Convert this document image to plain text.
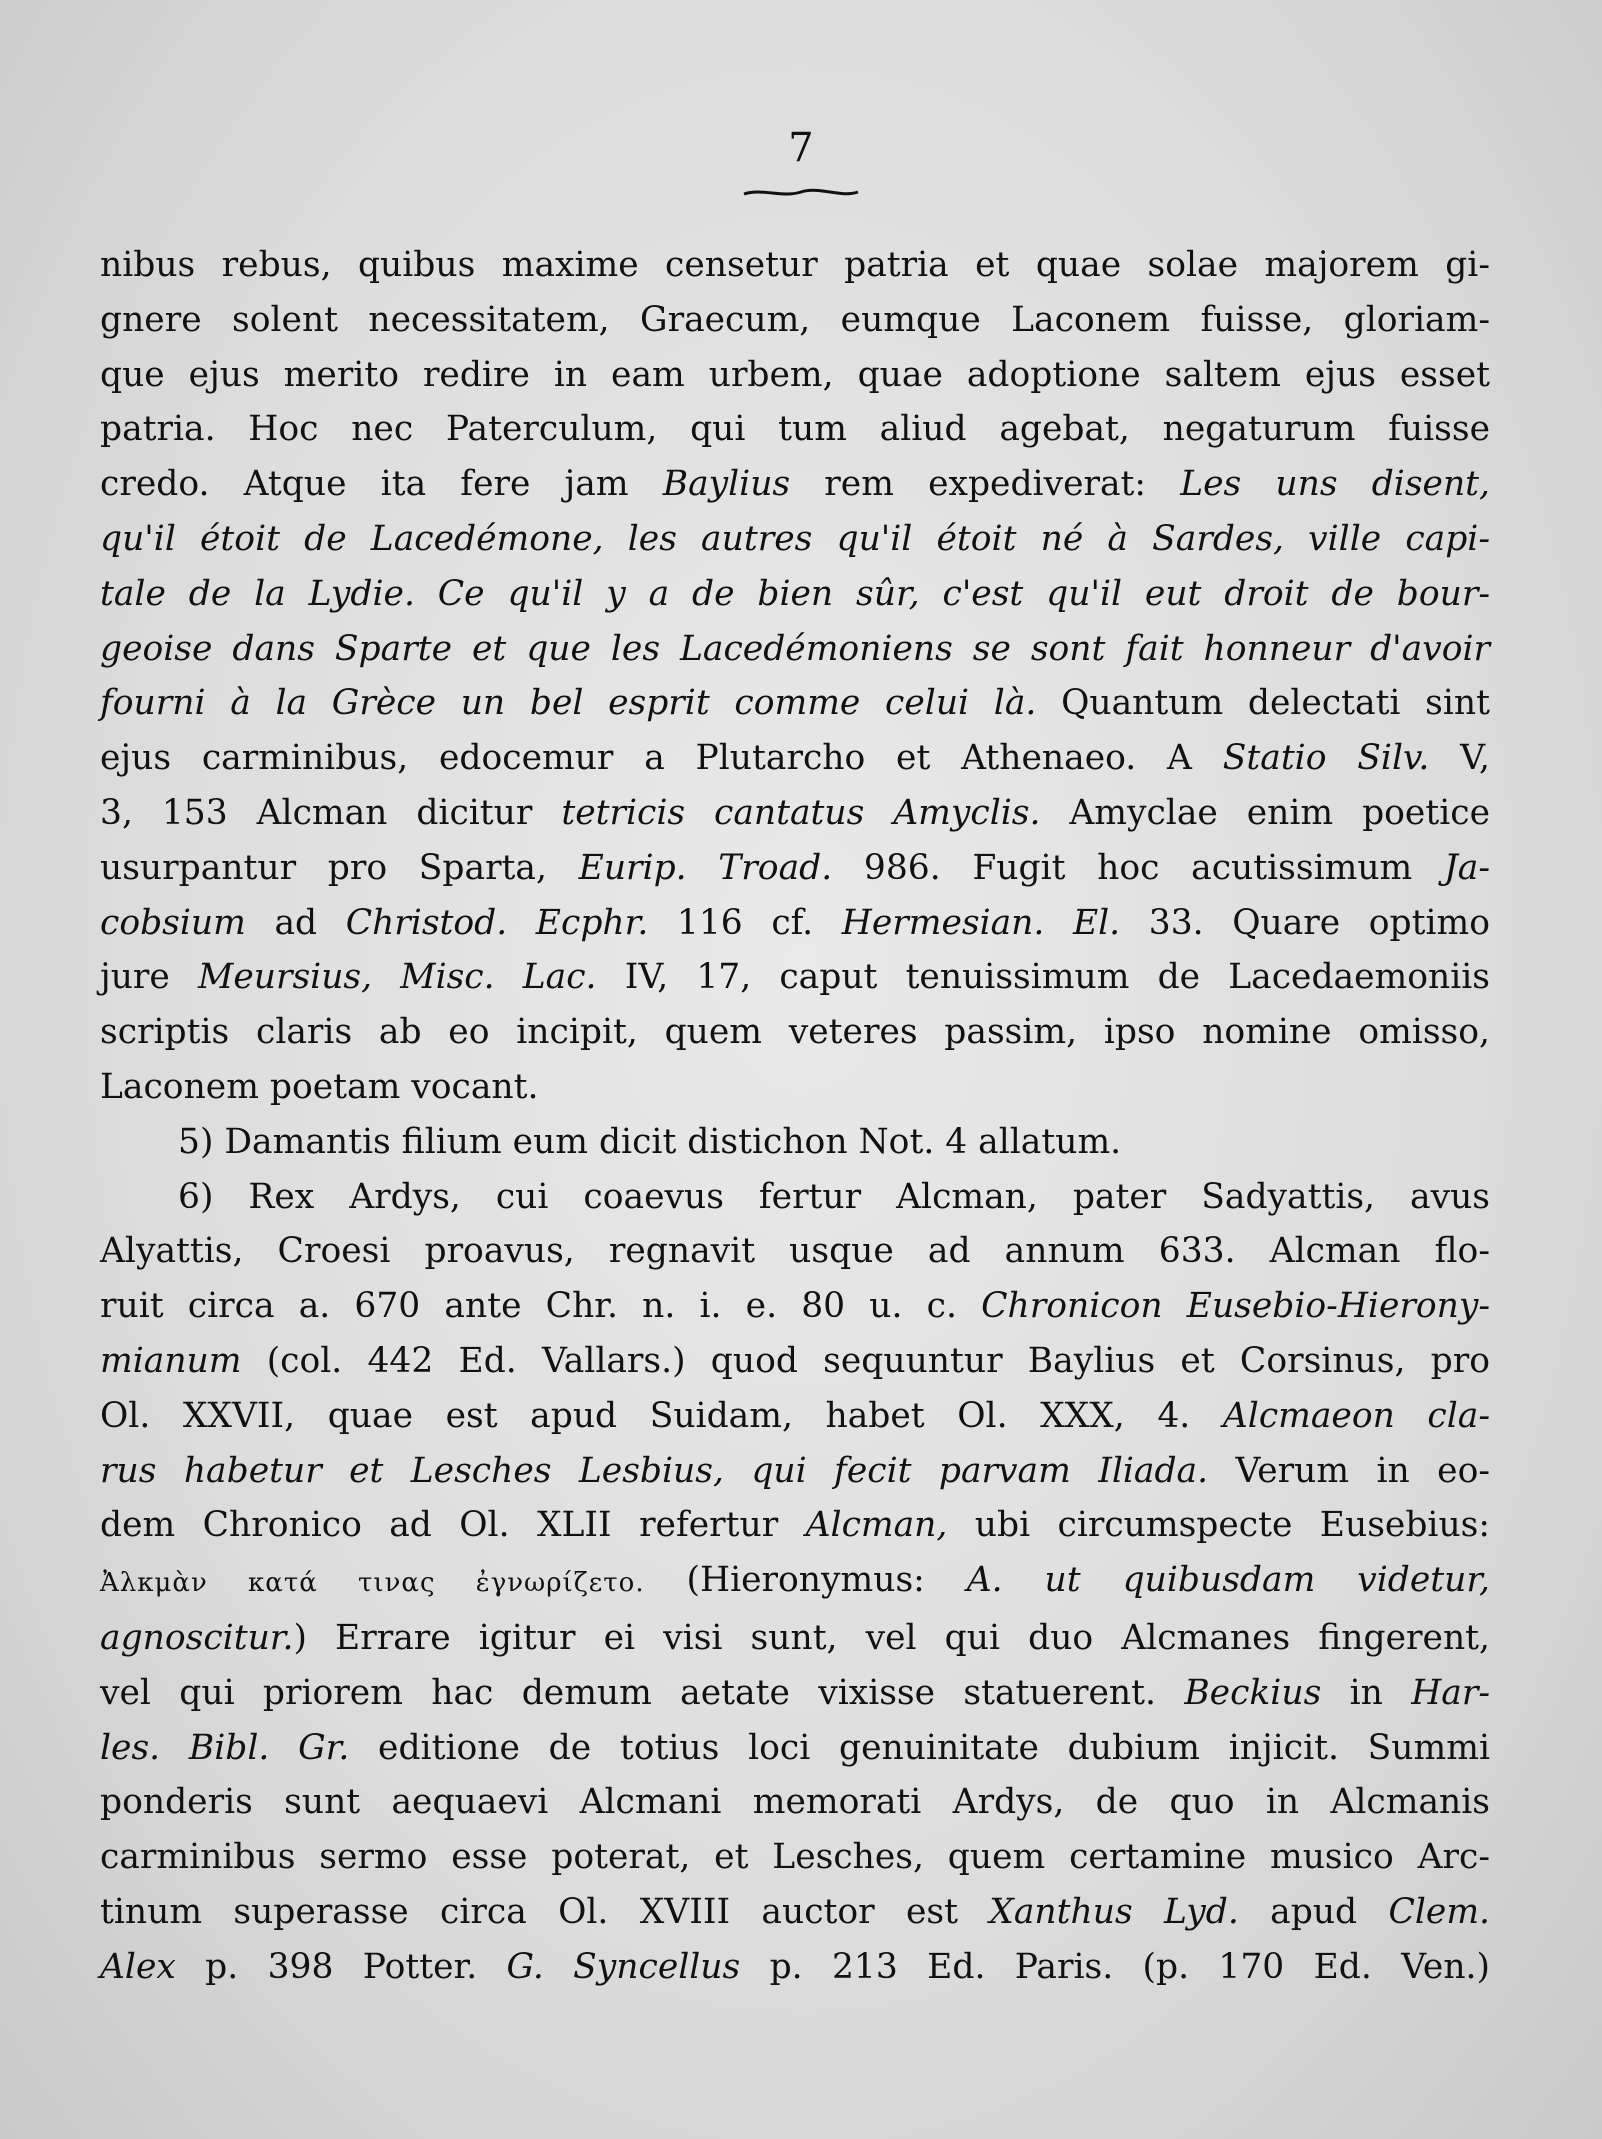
7
nibus rebus, quibus maxime censetur patria et quae solae majorem gi-
gnere solent necessitatem, Graecum, eumque Laconem fuisse, gloriam-
que ejus merito redire in eam urbem, quae adoptione saltem ejus esset
patria. Hoc nec Paterculum, qui tum aliud agebat, negaturum fuisse
credo. Atque ita fere jam Baylius rem expediverat: Les uns disent,
qu'il étoit de Lacedémone, les autres qu'il étoit né à Sardes, ville capi-
tale de la Lydie. Ce qu'il y a de bien sûr, c'est qu'il eut droit de bour-
geoise dans Sparte et que les Lacedémoniens se sont fait honneur d'avoir
fourni à la Grèce un bel esprit comme celui là. Quantum delectati sint
ejus carminibus, edocemur a Plutarcho et Athenaeo. A Statio Silv. V,
3, 153 Alcman dicitur tetricis cantatus Amyclis. Amyclae enim poetice
usurpantur pro Sparta, Eurip. Troad. 986. Fugit hoc acutissimum Ja-
cobsium ad Christod. Ecphr. 116 cf. Hermesian. El. 33. Quare optimo
jure Meursius, Misc. Lac. IV, 17, caput tenuissimum de Lacedaemoniis
scriptis claris ab eo incipit, quem veteres passim, ipso nomine omisso,
Laconem poetam vocant.
5) Damantis filium eum dicit distichon Not. 4 allatum.
6) Rex Ardys, cui coaevus fertur Alcman, pater Sadyattis, avus
Alyattis, Croesi proavus, regnavit usque ad annum 633. Alcman flo-
ruit circa a. 670 ante Chr. n. i. e. 80 u. c. Chronicon Eusebio-Hierony-
mianum (col. 442 Ed. Vallars.) quod sequuntur Baylius et Corsinus, pro
Ol. XXVII, quae est apud Suidam, habet Ol. XXX, 4. Alcmaeon cla-
rus habetur et Lesches Lesbius, qui fecit parvam Iliada. Verum in eo-
dem Chronico ad Ol. XLII refertur Alcman, ubi circumspecte Eusebius:
Ἀλκμὰν κατά τινας ἐγνωρίζετο. (Hieronymus: A. ut quibusdam videtur,
agnoscitur.) Errare igitur ei visi sunt, vel qui duo Alcmanes fingerent,
vel qui priorem hac demum aetate vixisse statuerent. Beckius in Har-
les. Bibl. Gr. editione de totius loci genuinitate dubium injicit. Summi
ponderis sunt aequaevi Alcmani memorati Ardys, de quo in Alcmanis
carminibus sermo esse poterat, et Lesches, quem certamine musico Arc-
tinum superasse circa Ol. XVIII auctor est Xanthus Lyd. apud Clem.
Alex p. 398 Potter. G. Syncellus p. 213 Ed. Paris. (p. 170 Ed. Ven.)
